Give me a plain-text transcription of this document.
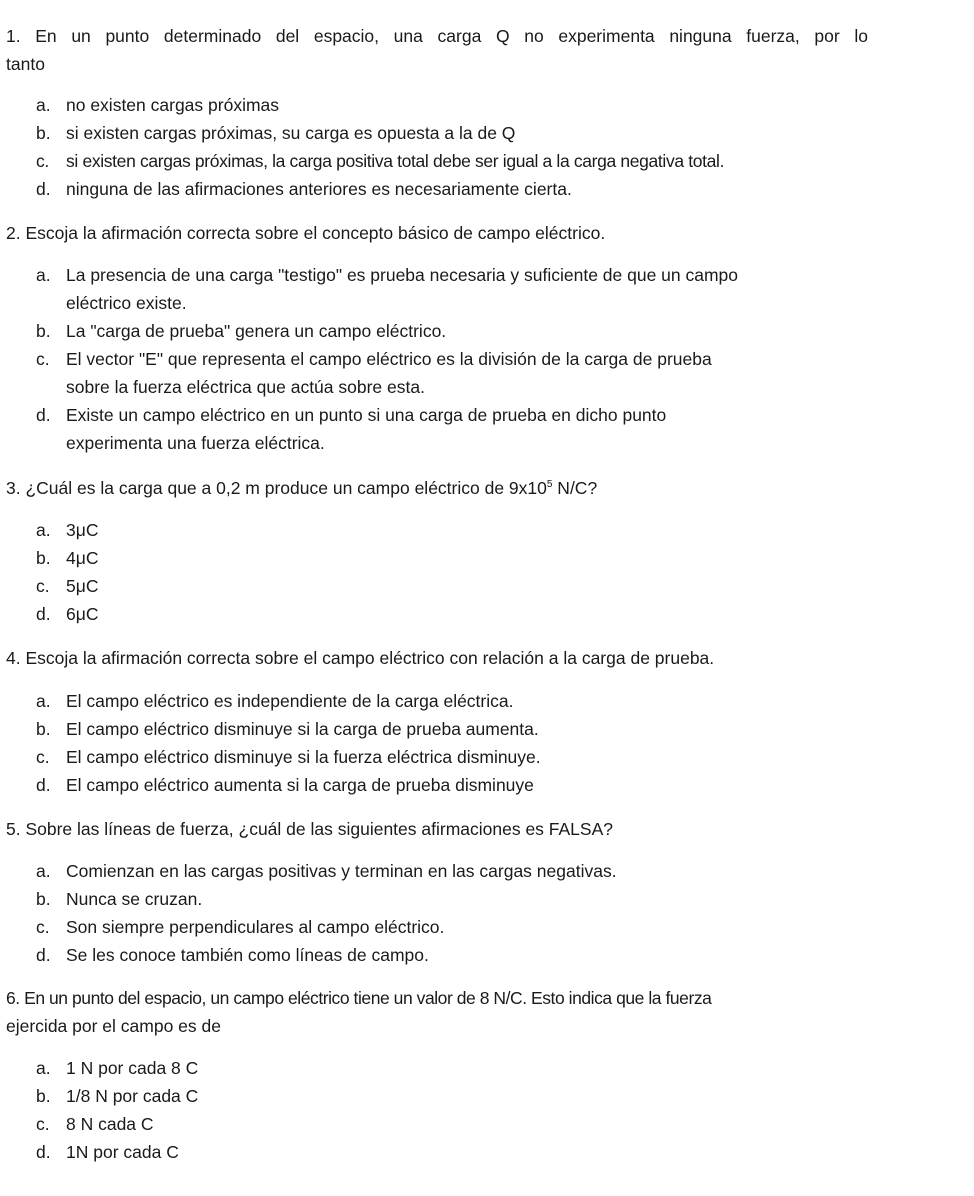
1. En un punto determinado del espacio, una carga Q no experimenta ninguna fuerza, por lo
tanto
a. no existen cargas próximas
b. si existen cargas próximas, su carga es opuesta a la de Q
c. si existen cargas próximas, la carga positiva total debe ser igual a la carga negativa total.
d. ninguna de las afirmaciones anteriores es necesariamente cierta.
2. Escoja la afirmación correcta sobre el concepto básico de campo eléctrico.
a. La presencia de una carga "testigo" es prueba necesaria y suficiente de que un campo
eléctrico existe.
b. La "carga de prueba" genera un campo eléctrico.
c. El vector "E" que representa el campo eléctrico es la división de la carga de prueba
sobre la fuerza eléctrica que actúa sobre esta.
d. Existe un campo eléctrico en un punto si una carga de prueba en dicho punto
experimenta una fuerza eléctrica.
3. ¿Cuál es la carga que a 0,2 m produce un campo eléctrico de $9x10^5$ N/C?
a. 3μC
b. 4μC
c. 5μC
d. 6μC
4. Escoja la afirmación correcta sobre el campo eléctrico con relación a la carga de prueba.
a. El campo eléctrico es independiente de la carga eléctrica.
b. El campo eléctrico disminuye si la carga de prueba aumenta.
c. El campo eléctrico disminuye si la fuerza eléctrica disminuye.
d. El campo eléctrico aumenta si la carga de prueba disminuye
5. Sobre las líneas de fuerza, ¿cuál de las siguientes afirmaciones es FALSA?
a. Comienzan en las cargas positivas y terminan en las cargas negativas.
b. Nunca se cruzan.
c. Son siempre perpendiculares al campo eléctrico.
d. Se les conoce también como líneas de campo.
6. En un punto del espacio, un campo eléctrico tiene un valor de 8 N/C. Esto indica que la fuerza
ejercida por el campo es de
a. 1 N por cada 8 C
b. 1/8 N por cada C
c. 8 N cada C
d. 1N por cada C
